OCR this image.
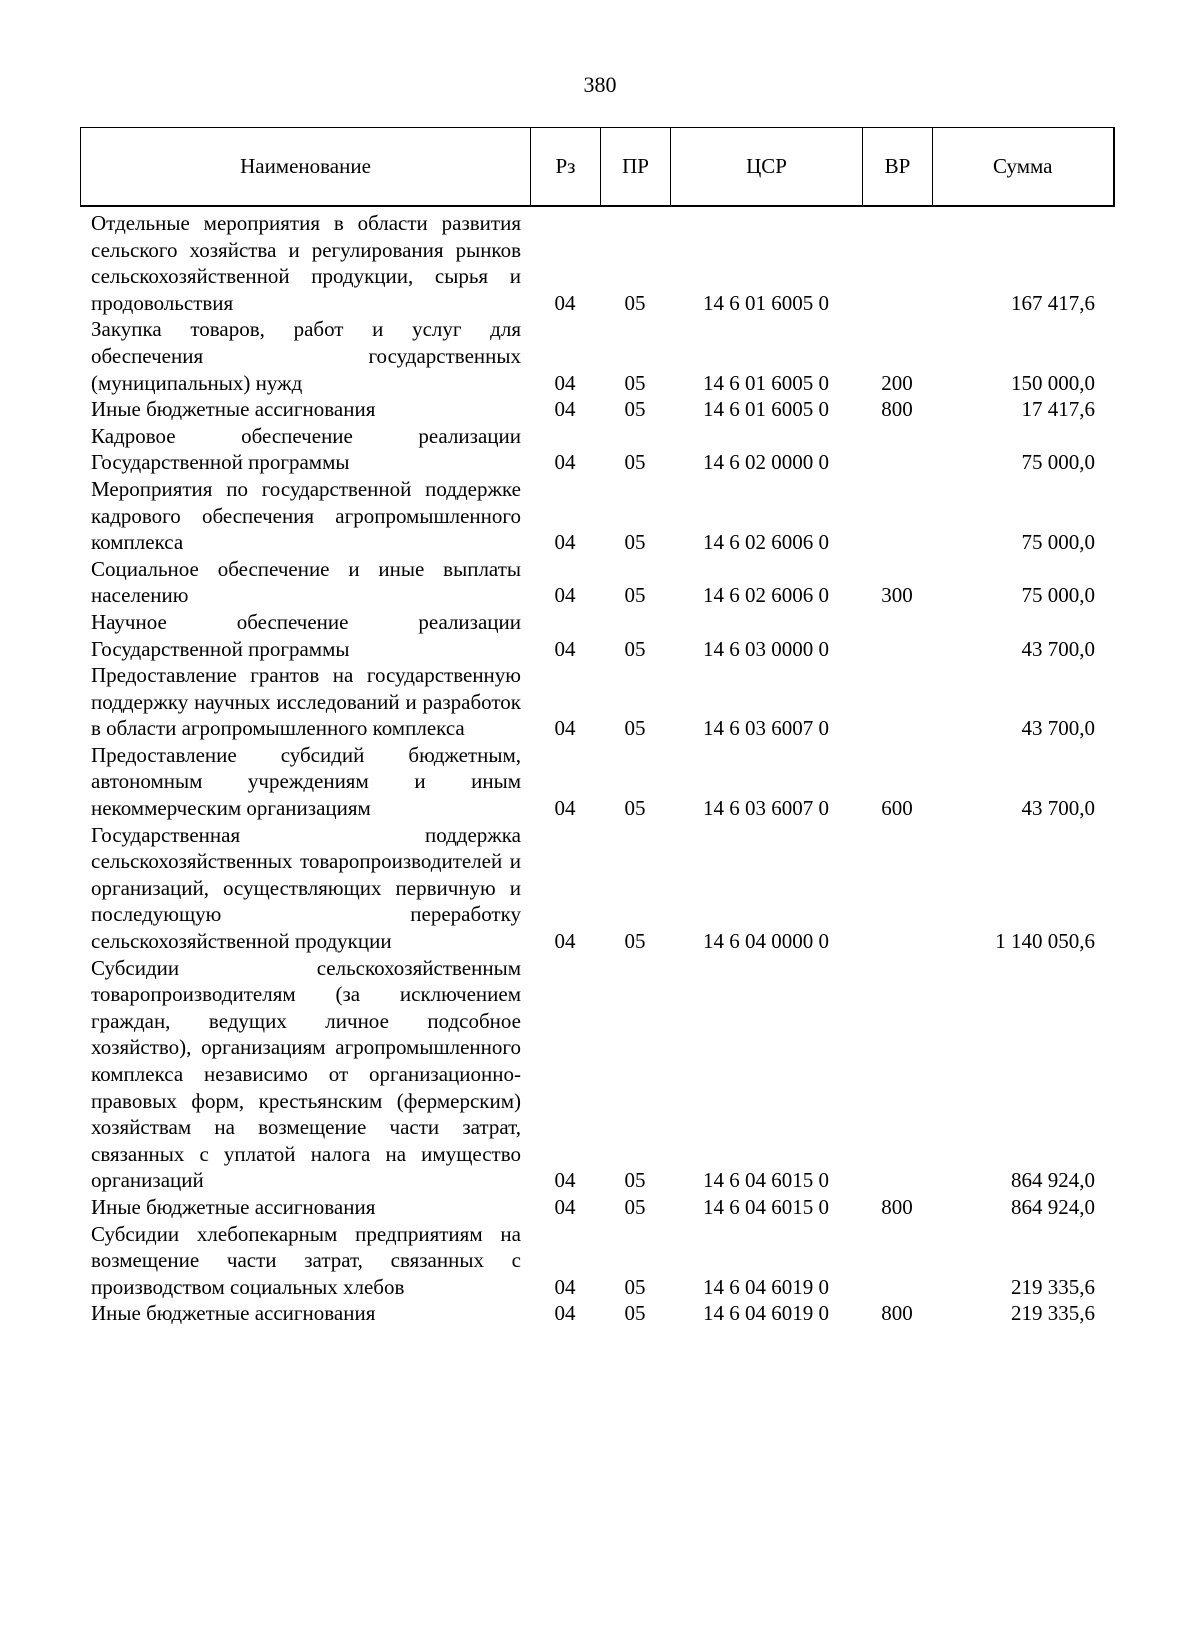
380
Наименование	Рз	ПР	ЦСР	ВР	Сумма
Отдельные мероприятия в области развития сельского хозяйства и регулирования рынков сельскохозяйственной продукции, сырья и продовольствия	04	05	14 6 01 6005 0		167 417,6
Закупка товаров, работ и услуг для обеспечения государственных (муниципальных) нужд	04	05	14 6 01 6005 0	200	150 000,0
Иные бюджетные ассигнования	04	05	14 6 01 6005 0	800	17 417,6
Кадровое обеспечение реализации Государственной программы	04	05	14 6 02 0000 0		75 000,0
Мероприятия по государственной поддержке кадрового обеспечения агропромышленного комплекса	04	05	14 6 02 6006 0		75 000,0
Социальное обеспечение и иные выплаты населению	04	05	14 6 02 6006 0	300	75 000,0
Научное обеспечение реализации Государственной программы	04	05	14 6 03 0000 0		43 700,0
Предоставление грантов на государственную поддержку научных исследований и разработок в области агропромышленного комплекса	04	05	14 6 03 6007 0		43 700,0
Предоставление субсидий бюджетным, автономным учреждениям и иным некоммерческим организациям	04	05	14 6 03 6007 0	600	43 700,0
Государственная поддержка сельскохозяйственных товаропроизводителей и организаций, осуществляющих первичную и последующую переработку сельскохозяйственной продукции	04	05	14 6 04 0000 0		1 140 050,6
Субсидии сельскохозяйственным товаропроизводителям (за исключением граждан, ведущих личное подсобное хозяйство), организациям агропромышленного комплекса независимо от организационно-правовых форм, крестьянским (фермерским) хозяйствам на возмещение части затрат, связанных с уплатой налога на имущество организаций	04	05	14 6 04 6015 0		864 924,0
Иные бюджетные ассигнования	04	05	14 6 04 6015 0	800	864 924,0
Субсидии хлебопекарным предприятиям на возмещение части затрат, связанных с производством социальных хлебов	04	05	14 6 04 6019 0		219 335,6
Иные бюджетные ассигнования	04	05	14 6 04 6019 0	800	219 335,6
